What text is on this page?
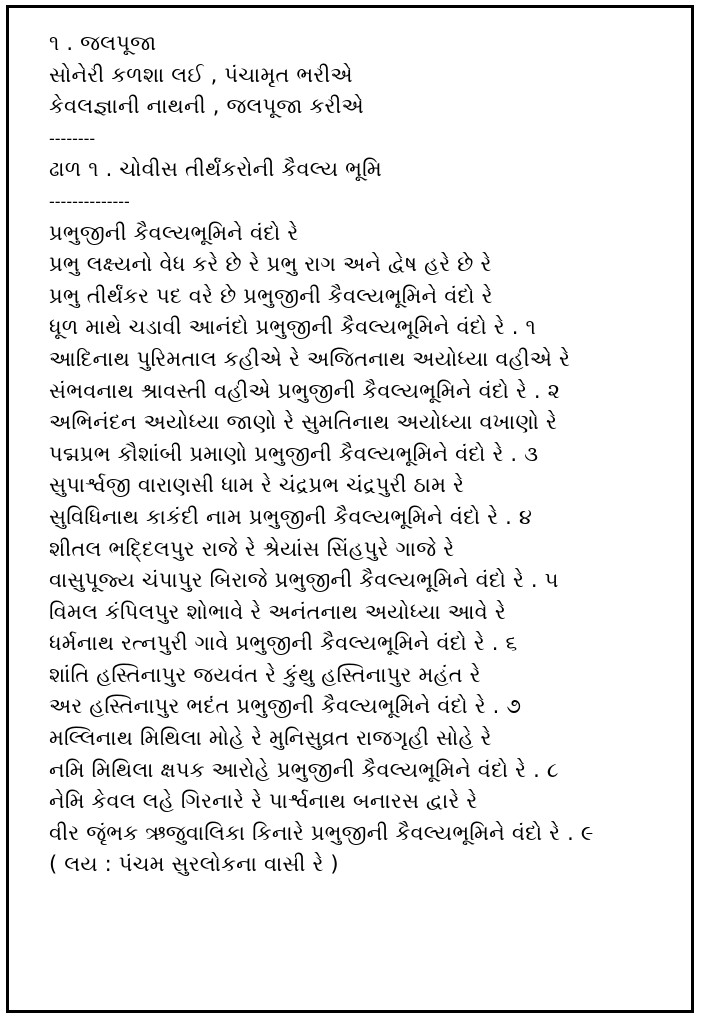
૧ . જલપૂજા
સોનેરી કળશા લઈ , પંચામૃત ભરીએ
કેવલજ્ઞાની નાથની , જલપૂજા કરીએ
--------
ઢાળ ૧ . ચોવીસ તીર્થંકરોની કૈવલ્ય ભૂમિ
--------------
પ્રભુજીની કૈવલ્યભૂમિને વંદો રે
પ્રભુ લક્ષ્યનો વેધ કરે છે રે પ્રભુ રાગ અને દ્વેષ હરે છે રે
પ્રભુ તીર્થંકર પદ વરે છે પ્રભુજીની કૈવલ્યભૂમિને વંદો રે
ધૂળ માથે ચડાવી આનંદો પ્રભુજીની કૈવલ્યભૂમિને વંદો રે . ૧
આદિનાથ પુરિમતાલ કહીએ રે અજિતનાથ અયોધ્યા વહીએ રે
સંભવનાથ શ્રાવસ્તી વહીએ પ્રભુજીની કૈવલ્યભૂમિને વંદો રે . ૨
અભિનંદન અયોધ્યા જાણો રે સુમતિનાથ અયોધ્યા વખાણો રે
પદ્મપ્રભ કૌશાંબી પ્રમાણો પ્રભુજીની કૈવલ્યભૂમિને વંદો રે . ૩
સુપાર્શ્વજી વારાણસી ધામ રે ચંદ્રપ્રભ ચંદ્રપુરી ઠામ રે
સુવિધિનાથ કાકંદી નામ પ્રભુજીની કૈવલ્યભૂમિને વંદો રે . ૪
શીતલ ભદ્દિલપુર રાજે રે શ્રેયાંસ સિંહપુરે ગાજે રે
વાસુપૂજ્ય ચંપાપુર બિરાજે પ્રભુજીની કૈવલ્યભૂમિને વંદો રે . ૫
વિમલ કંપિલપુર શોભાવે રે અનંતનાથ અયોધ્યા આવે રે
ધર્મનાથ રત્નપુરી ગાવે પ્રભુજીની કૈવલ્યભૂમિને વંદો રે . ૬
શાંતિ હસ્તિનાપુર જયવંત રે કુંથુ હસ્તિનાપુર મહંત રે
અર હસ્તિનાપુર ભદંત પ્રભુજીની કૈવલ્યભૂમિને વંદો રે . ૭
મલ્લિનાથ મિથિલા મોહે રે મુનિસુવ્રત રાજગૃહી સોહે રે
નમિ મિથિલા ક્ષપક આરોહે પ્રભુજીની કૈવલ્યભૂમિને વંદો રે . ૮
નેમિ કેવલ લહે ગિરનારે રે પાર્શ્વનાથ બનારસ દ્વારે રે
વીર જૃંભક ઋજુવાલિકા કિનારે પ્રભુજીની કૈવલ્યભૂમિને વંદો રે . ૯
( લય : પંચમ સુરલોકના વાસી રે )
